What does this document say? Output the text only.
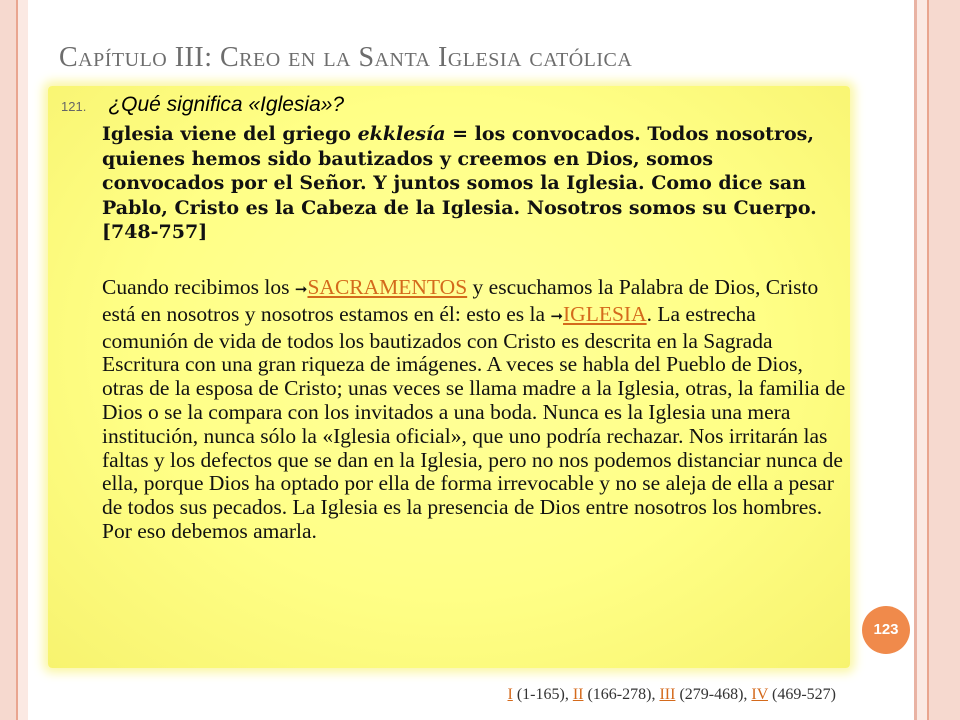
Capítulo III: Creo en la Santa Iglesia católica
121. ¿Qué significa «Iglesia»?
Iglesia viene del griego ekklesía = los convocados. Todos nosotros, quienes hemos sido bautizados y creemos en Dios, somos convocados por el Señor. Y juntos somos la Iglesia. Como dice san Pablo, Cristo es la Cabeza de la Iglesia. Nosotros somos su Cuerpo. [748-757]
Cuando recibimos los ➞SACRAMENTOS y escuchamos la Palabra de Dios, Cristo está en nosotros y nosotros estamos en él: esto es la ➞IGLESIA. La estrecha comunión de vida de todos los bautizados con Cristo es descrita en la Sagrada Escritura con una gran riqueza de imágenes. A veces se habla del Pueblo de Dios, otras de la esposa de Cristo; unas veces se llama madre a la Iglesia, otras, la familia de Dios o se la compara con los invitados a una boda. Nunca es la Iglesia una mera institución, nunca sólo la «Iglesia oficial», que uno podría rechazar. Nos irritarán las faltas y los defectos que se dan en la Iglesia, pero no nos podemos distanciar nunca de ella, porque Dios ha optado por ella de forma irrevocable y no se aleja de ella a pesar de todos sus pecados. La Iglesia es la presencia de Dios entre nosotros los hombres. Por eso debemos amarla.
123
I (1-165), II (166-278), III (279-468), IV (469-527)
